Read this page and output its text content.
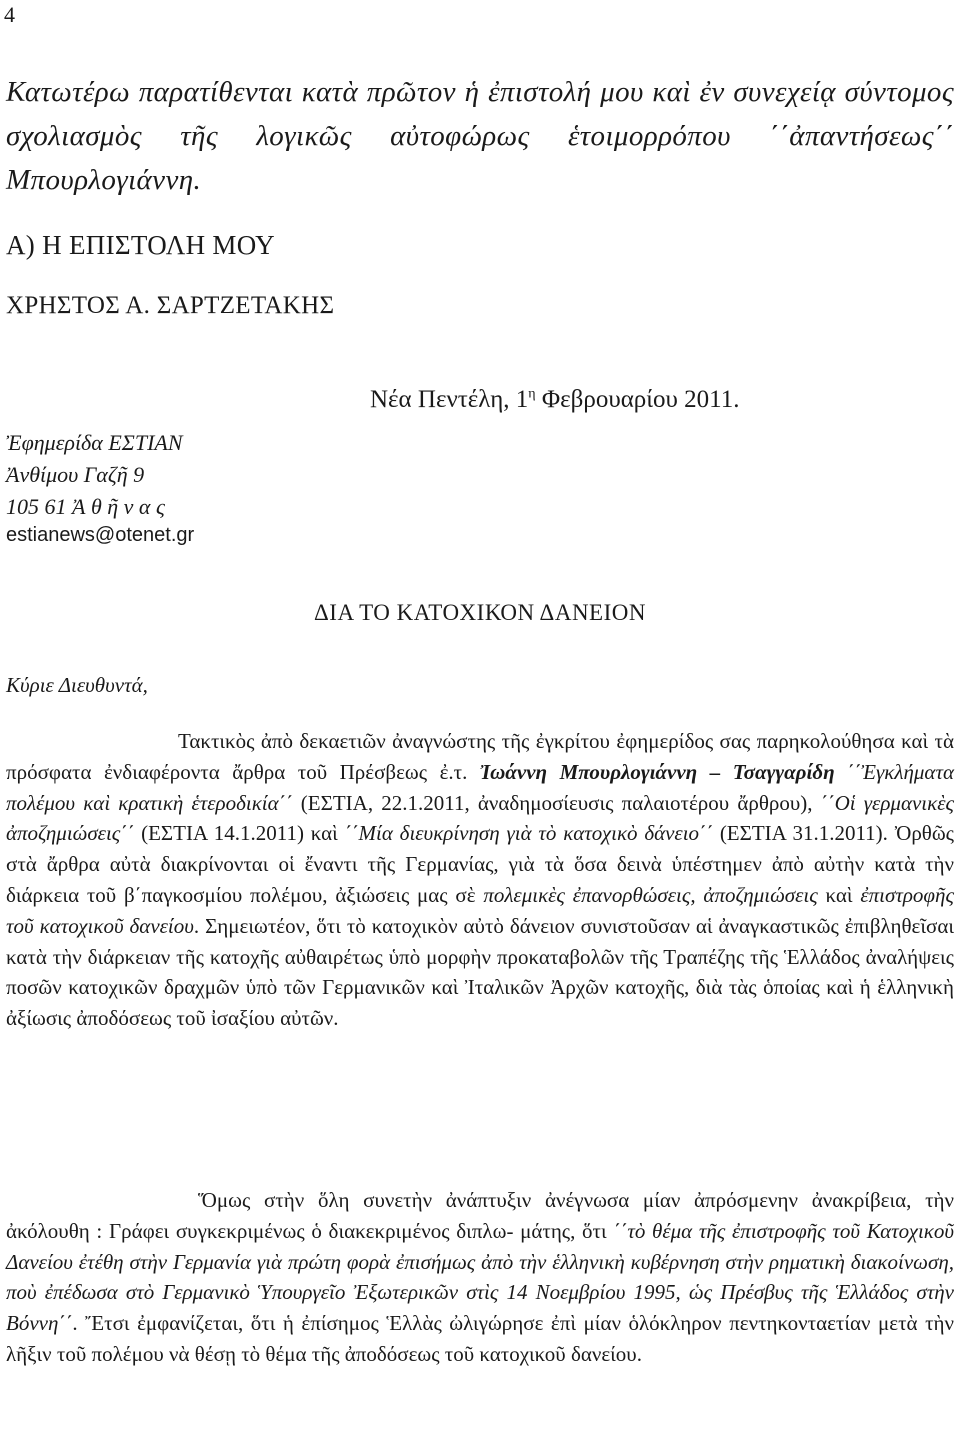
4
Κατωτέρω παρατίθενται κατὰ πρῶτον ἡ ἐπιστολή μου καὶ ἐν συνεχείᾳ σύντομος σχολιασμὸς τῆς λογικῶς αὐτοφώρως ἑτοιμορρόπου ΄΄ἀπαντήσεως΄΄ Μπουρλογιάννη.
Α) Η ΕΠΙΣΤΟΛΗ ΜΟΥ
ΧΡΗΣΤΟΣ Α. ΣΑΡΤΖΕΤΑΚΗΣ
Νέα Πεντέλη, $1^\eta$ Φεβρουαρίου 2011.
Ἐφημερίδα ΕΣΤΙΑΝ
Ἀνθίμου Γαζῆ 9
105 61 Ἀ θ ῆ ν α ς
estianews@otenet.gr
ΔΙΑ ΤΟ ΚΑΤΟΧΙΚΟΝ ΔΑΝΕΙΟΝ
Κύριε Διευθυντά,
Τακτικὸς ἀπὸ δεκαετιῶν ἀναγνώστης τῆς ἐγκρίτου ἐφημερίδος σας παρηκολούθησα καὶ τὰ πρόσφατα ἐνδιαφέροντα ἄρθρα τοῦ Πρέσβεως ἐ.τ. Ἰωάννη Μπουρλογιάννη – Τσαγγαρίδη ΄΄Ἐγκλήματα πολέμου καὶ κρατικὴ ἑτεροδικία΄΄ (ΕΣΤΙΑ, 22.1.2011, ἀναδημοσίευσις παλαιοτέρου ἄρθρου), ΄΄Οἱ γερμανικὲς ἀποζημιώσεις΄΄ (ΕΣΤΙΑ 14.1.2011) καὶ ΄΄Μία διευκρίνηση γιὰ τὸ κατοχικὸ δάνειο΄΄ (ΕΣΤΙΑ 31.1.2011). Ὀρθῶς στὰ ἄρθρα αὐτὰ διακρίνονται οἱ ἔναντι τῆς Γερμανίας, γιὰ τὰ ὅσα δεινὰ ὑπέστημεν ἀπὸ αὐτὴν κατὰ τὴν διάρκεια τοῦ β΄παγκοσμίου πολέμου, ἀξιώσεις μας σὲ πολεμικὲς ἐπανορθώσεις, ἀποζημιώσεις καὶ ἐπιστροφῆς τοῦ κατοχικοῦ δανείου. Σημειωτέον, ὅτι τὸ κατοχικὸν αὐτὸ δάνειον συνιστοῦσαν αἱ ἀναγκαστικῶς ἐπιβληθεῖσαι κατὰ τὴν διάρκειαν τῆς κατοχῆς αὐθαιρέτως ὑπὸ μορφὴν προκαταβολῶν τῆς Τραπέζης τῆς Ἑλλάδος ἀναλήψεις ποσῶν κατοχικῶν δραχμῶν ὑπὸ τῶν Γερμανικῶν καὶ Ἰταλικῶν Ἀρχῶν κατοχῆς, διὰ τὰς ὁποίας καὶ ἡ ἑλληνικὴ ἀξίωσις ἀποδόσεως τοῦ ἰσαξίου αὐτῶν.
Ὅμως στὴν ὅλη συνετὴν ἀνάπτυξιν ἀνέγνωσα μίαν ἀπρόσμενην ἀνακρίβεια, τὴν ἀκόλουθη : Γράφει συγκεκριμένως ὁ διακεκριμένος διπλω- μάτης, ὅτι ΄΄τὸ θέμα τῆς ἐπιστροφῆς τοῦ Κατοχικοῦ Δανείου ἐτέθη στὴν Γερμανία γιὰ πρώτη φορὰ ἐπισήμως ἀπὸ τὴν ἑλληνικὴ κυβέρνηση στὴν ρηματικὴ διακοίνωση, ποὺ ἐπέδωσα στὸ Γερμανικὸ Ὑπουργεῖο Ἐξωτερικῶν στὶς 14 Νοεμβρίου 1995, ὡς Πρέσβυς τῆς Ἑλλάδος στὴν Βόννη΄΄. Ἔτσι ἐμφανίζεται, ὅτι ἡ ἐπίσημος Ἑλλὰς ὠλιγώρησε ἐπὶ μίαν ὁλόκληρον πεντηκονταετίαν μετὰ τὴν λῆξιν τοῦ πολέμου νὰ θέσῃ τὸ θέμα τῆς ἀποδόσεως τοῦ κατοχικοῦ δανείου.
